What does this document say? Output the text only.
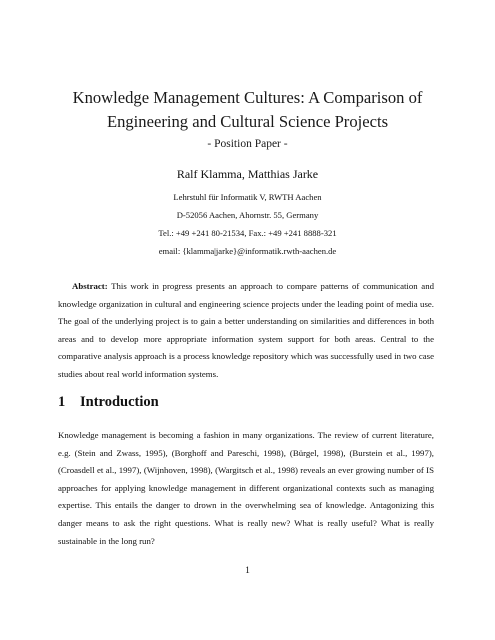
Knowledge Management Cultures: A Comparison of
Engineering and Cultural Science Projects
- Position Paper -
Ralf Klamma, Matthias Jarke
Lehrstuhl für Informatik V, RWTH Aachen
D-52056 Aachen, Ahornstr. 55, Germany
Tel.: +49 +241 80-21534, Fax.: +49 +241 8888-321
email: {klamma|jarke}@informatik.rwth-aachen.de
Abstract: This work in progress presents an approach to compare patterns of communication and knowledge organization in cultural and engineering science projects under the leading point of media use. The goal of the underlying project is to gain a better understanding on similarities and differences in both areas and to develop more appropriate information system support for both areas. Central to the comparative analysis approach is a process knowledge repository which was successfully used in two case studies about real world information systems.
1 Introduction
Knowledge management is becoming a fashion in many organizations. The review of current literature, e.g. (Stein and Zwass, 1995), (Borghoff and Pareschi, 1998), (Bürgel, 1998), (Burstein et al., 1997), (Croasdell et al., 1997), (Wijnhoven, 1998), (Wargitsch et al., 1998) reveals an ever growing number of IS approaches for applying knowledge management in different organizational contexts such as managing expertise. This entails the danger to drown in the overwhelming sea of knowledge. Antagonizing this danger means to ask the right questions. What is really new? What is really useful? What is really sustainable in the long run?
1
